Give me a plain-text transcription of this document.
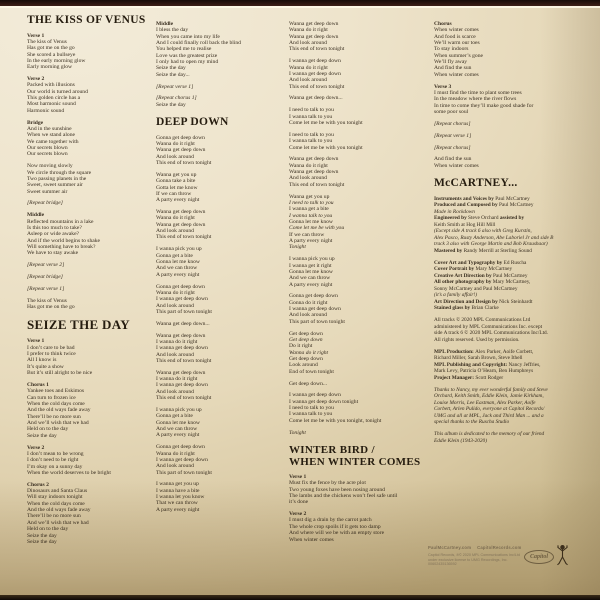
THE KISS OF VENUS
Verse 1
The kiss of Venus
Has got me on the go
She scored a bullseye
In the early morning glow
Early morning glow
Verse 2
Packed with illusions
Our world is turned around
This golden circle has a
Most harmonic sound
Harmonic sound
Bridge
And in the sunshine
When we stand alone
We came together with
Our secrets blown
Our secrets blown
Now moving slowly
We circle through the square
Two passing planets in the
Sweet, sweet summer air
Sweet summer air
[Repeat bridge]
Middle
Reflected mountains in a lake
Is this too much to take?
Asleep or wide awake?
And if the world begins to shake
Will something have to break?
We have to stay awake
[Repeat verse 2]
[Repeat bridge]
[Repeat verse 1]
The kiss of Venus
Has got me on the go
SEIZE THE DAY
Verse 1
I don’t care to be bad
I prefer to think twice
All I know is
It’s quite a show
But it’s still alright to be nice
Chorus 1
Yankee toes and Eskimos
Can turn to frozen ice
When the cold days come
And the old ways fade away
There’ll be no more sun
And we’ll wish that we had
Held on to the day
Seize the day
Verse 2
I don’t mean to be wrong
I don’t need to be right
I’m okay on a sunny day
When the world deserves to be bright
Chorus 2
Dinosaurs and Santa Claus
Will stay indoors tonight
When the cold days come
And the old ways fade away
There’ll be no more sun
And we’ll wish that we had
Held on to the day
Seize the day
Seize the day
Middle
I bless the day
When you came into my life
And I could finally roll back the blind
You helped me to realise
Love was the greatest prize
I only had to open my mind
Seize the day
Seize the day...
[Repeat verse 1]
[Repeat chorus 1]
Seize the day
DEEP DOWN
Gonna get deep down
Wanna do it right
Wanna get deep down
And look around
This end of town tonight
Wanna get you up
Gonna take a bite
Gotta let me know
If we can throw
A party every night
Wanna get deep down
Wanna do it right
Wanna get deep down
And look around
This end of town tonight
I wanna pick you up
Gonna get a bite
Gonna let me know
And we can throw
A party every night
Gonna get deep down
Wanna do it right
I wanna get deep down
And look around
This part of town tonight
Wanna get deep down...
Wanna get deep down
I wanna do it right
I wanna get deep down
And look around
This end of town tonight
Wanna get deep down
I wanna do it right
I wanna get deep down
And look around
This end of town tonight
I wanna pick you up
Gonna get a bite
Gonna let me know
And we can throw
A party every night
Gonna get deep down
Wanna do it right
I wanna get deep down
And look around
This part of town tonight
I wanna get you up
I wanna have a bite
I wanna let you know
That we can throw
A party every night
Wanna get deep down
Wanna do it right
Wanna get deep down
And look around
This end of town tonight
I wanna get deep down
Wanna do it right
I wanna get deep down
And look around
This end of town tonight
Wanna get deep down...
I need to talk to you
I wanna talk to you
Come let me be with you tonight
I need to talk to you
I wanna talk to you
Come let me be with you tonight
Wanna get deep down
Wanna do it right
Wanna get deep down
And look around
This end of town tonight
Wanna get you up
I need to talk to you
I wanna get a bite
I wanna talk to you
Gonna let me know
Come let me be with you
If we can throw
A party every night
Tonight
I wanna pick you up
I wanna get it right
Gonna let me know
And we can throw
A party every night
Gonna get deep down
Gonna do it right
I wanna get deep down
And look around
This part of town tonight
Get deep down
Get deep down
Do it right
Wanna do it right
Get deep down
Look around
End of town tonight
Get deep down...
I wanna get deep down
I wanna get deep down tonight
I need to talk to you
I wanna talk to you
Come let me be with you tonight, tonight
Tonight
WINTER BIRD /
WHEN WINTER COMES
Verse 1
Must fix the fence by the acre plot
Two young foxes have been nosing around
The lambs and the chickens won’t feel safe until
it’s done
Verse 2
I must dig a drain by the carrot patch
The whole crop spoils if it gets too damp
And where will we be with an empty store
When winter comes
Chorus
When winter comes
And food is scarce
We’ll warm our toes
To stay indoors
When summer’s gone
We’ll fly away
And find the sun
When winter comes
Verse 3
I must find the time to plant some trees
In the meadow where the river flows
In time to come they’ll make good shade for
some poor soul
[Repeat chorus]
[Repeat verse 1]
[Repeat chorus]
And find the sun
When winter comes
McCARTNEY...
Instruments and Voices by Paul McCartney
Produced and Composed by Paul McCartney
Made in Rockdown
Engineered by Steve Orchard assisted by
Keith Smith at Hog Hill Mill
(Except side A track 6 also with Greg Kurstin,
Alex Pasco, Rusty Anderson, Abe Laboriel Jr and side B
track 3 also with George Martin and Bob Kraushaar)
Mastered by Randy Merrill at Sterling Sound
Cover Art and Typography by Ed Ruscha
Cover Portrait by Mary McCartney
Creative Art Direction by Paul McCartney
All other photography by Mary McCartney,
Sonny McCartney and Paul McCartney
(it’s a family affair!)
Art Direction and Design by Nick Steinhardt
Stained glass by Brian Clarke
All tracks © 2020 MPL Communications Ltd
administered by MPL Communications Inc. except
side A track 6 © 2020 MPL Communications Inc/Ltd.
All rights reserved. Used by permission.
MPL Production: Alex Parker, Aoife Corbett,
Richard Miller, Sarah Brown, Steve Ithell
MPL Publishing and Copyright: Nancy Jeffries,
Mark Levy, Patricia O’Hearn, Ben Humphreys
Project Manager: Scott Rodger
Thanks to Nancy, my ever wonderful family and Steve
Orchard, Keith Smith, Eddie Klein, Jamie Kirkham,
Louise Morris, Lee Eastman, Alex Parker, Aoife
Corbett, Arlen Pulido, everyone at Capitol Records/
UMG and all at MPL, Jack and Third Man ... and a
special thanks to the Ruscha Studio
This album is dedicated to the memory of our friend
Eddie Klein (1943-2020)
PaulMcCartney.com CapitolRecords.com
Capitol Records, ℗© 2020 MPL Communications Inc/Ltd
under exclusive license to UMG Recordings, Inc.
00602435136592
Capitol
